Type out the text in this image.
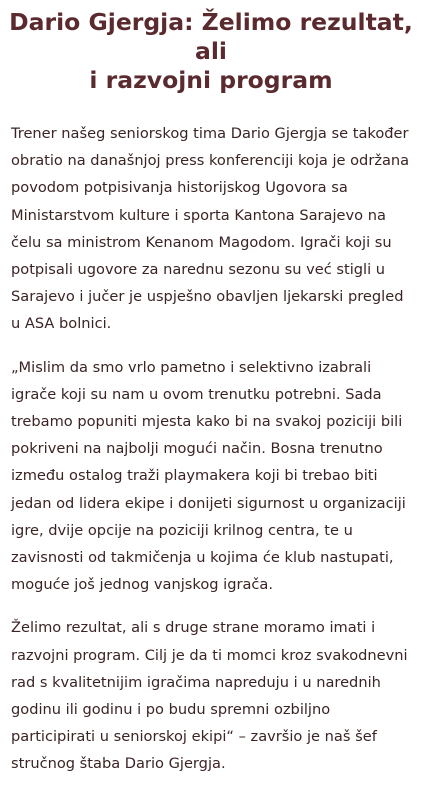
Dario Gjergja: Želimo rezultat, ali
i razvojni program

Trener našeg seniorskog tima Dario Gjergja se također obratio na današnjoj press konferenciji koja je održana povodom potpisivanja historijskog Ugovora sa Ministarstvom kulture i sporta Kantona Sarajevo na čelu sa ministrom Kenanom Magodom. Igrači koji su potpisali ugovore za narednu sezonu su već stigli u Sarajevo i jučer je uspješno obavljen ljekarski pregled u ASA bolnici.

„Mislim da smo vrlo pametno i selektivno izabrali igrače koji su nam u ovom trenutku potrebni. Sada trebamo popuniti mjesta kako bi na svakoj poziciji bili pokriveni na najbolji mogući način. Bosna trenutno između ostalog traži playmakera koji bi trebao biti jedan od lidera ekipe i donijeti sigurnost u organizaciji igre, dvije opcije na poziciji krilnog centra, te u zavisnosti od takmičenja u kojima će klub nastupati, moguće još jednog vanjskog igrača.

Želimo rezultat, ali s druge strane moramo imati i razvojni program. Cilj je da ti momci kroz svakodnevni rad s kvalitetnijim igračima napreduju i u narednih godinu ili godinu i po budu spremni ozbiljno participirati u seniorskoj ekipi“ – završio je naš šef stručnog štaba Dario Gjergja.
